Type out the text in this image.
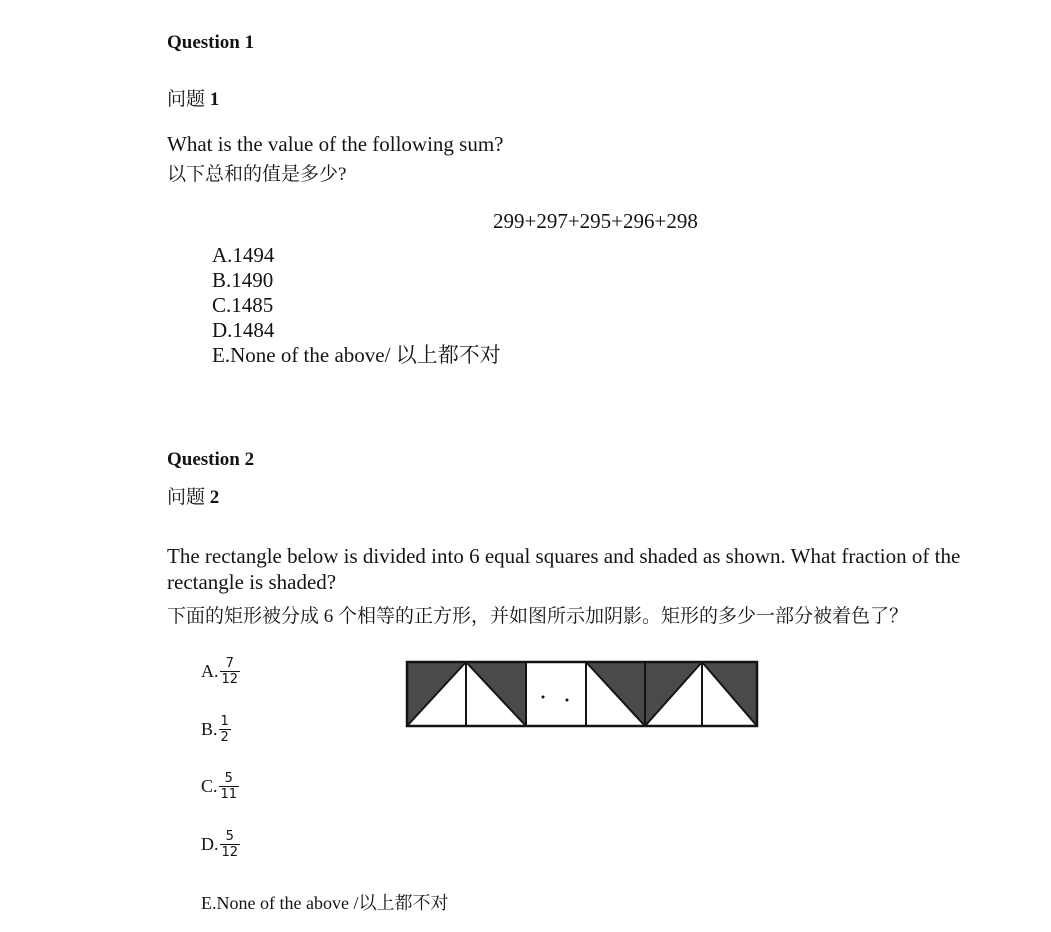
Question 1
问题 1
What is the value of the following sum?
以下总和的值是多少?
299+297+295+296+298
A.1494
B.1490
C.1485
D.1484
E.None of the above/ 以上都不对
Question 2
问题 2
The rectangle below is divided into 6 equal squares and shaded as shown. What fraction of the
rectangle is shaded?
下面的矩形被分成 6 个相等的正方形，并如图所示加阴影。矩形的多少一部分被着色了？
A. $\frac{7}{12}$
B. $\frac{1}{2}$
C. $\frac{5}{11}$
D. $\frac{5}{12}$
E.None of the above /以上都不对
